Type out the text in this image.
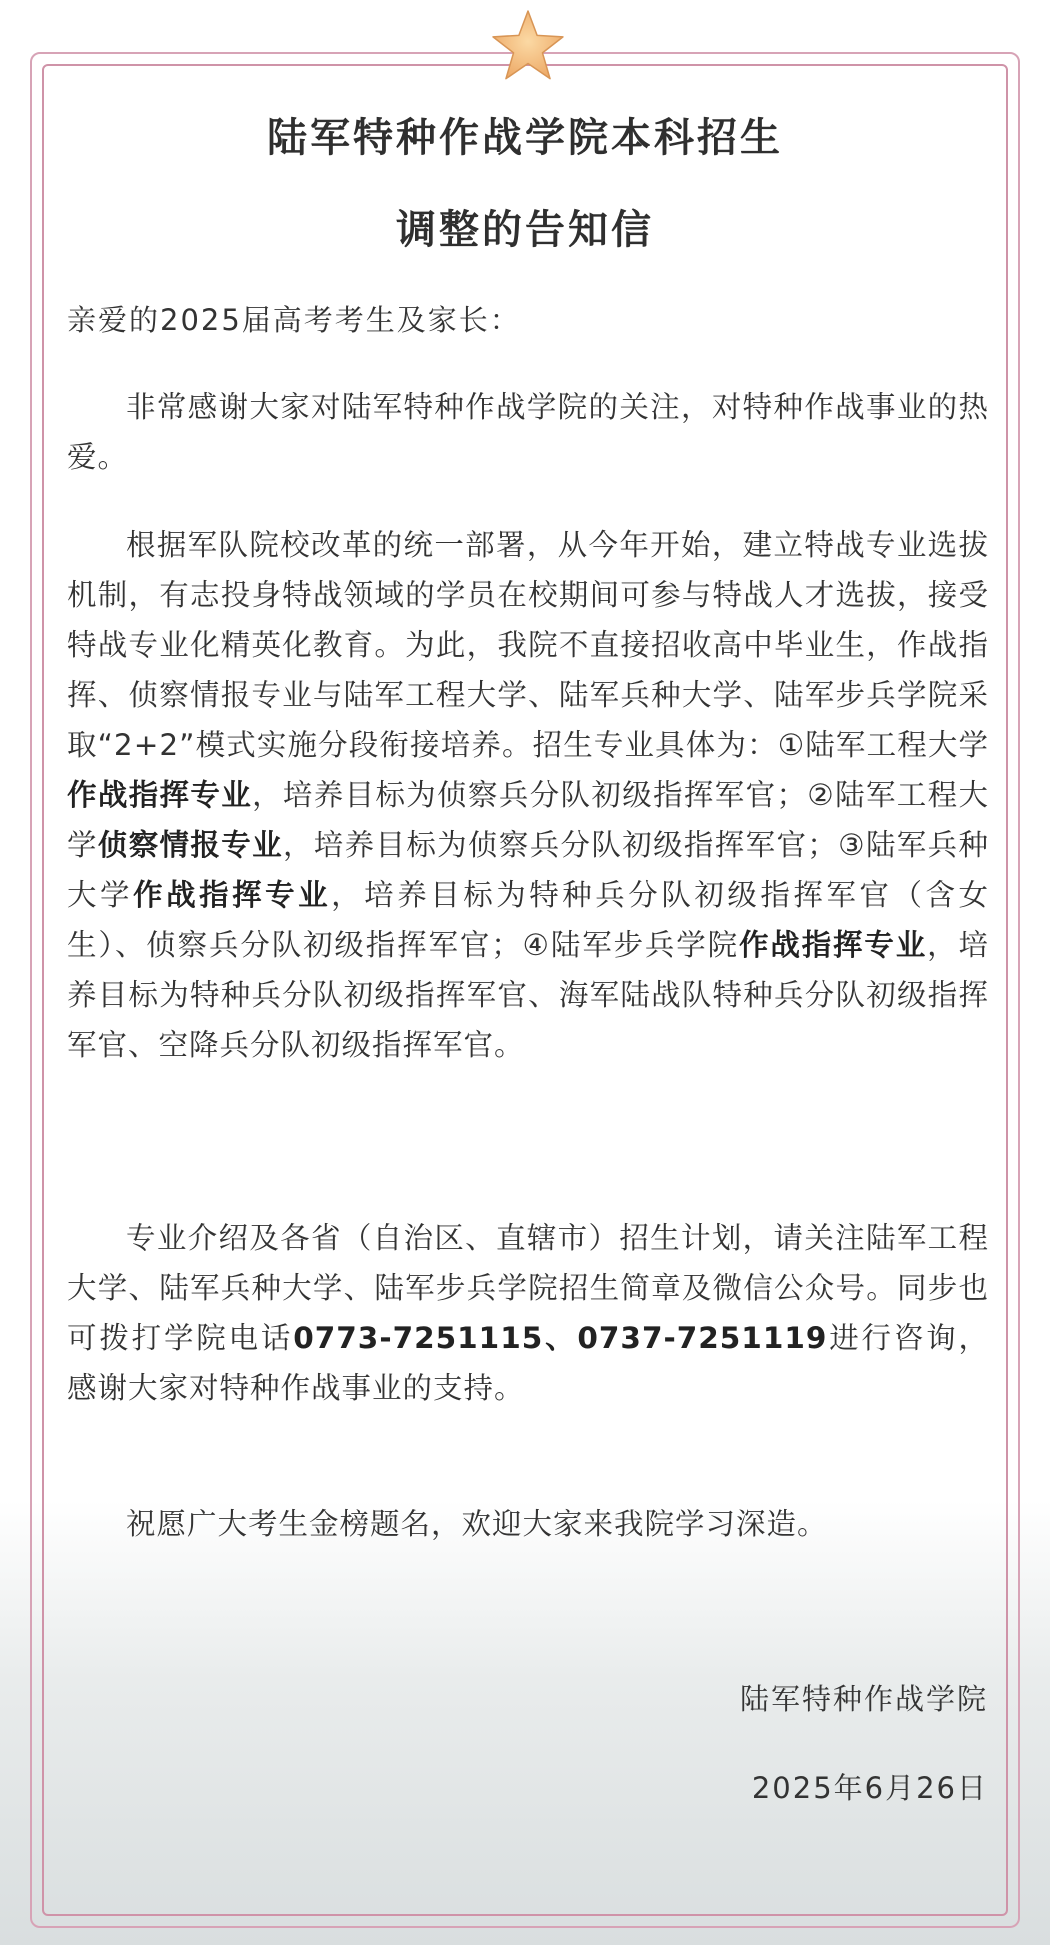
陆军特种作战学院本科招生
调整的告知信

亲爱的2025届高考考生及家长：

非常感谢大家对陆军特种作战学院的关注，对特种作战事业的热爱。

根据军队院校改革的统一部署，从今年开始，建立特战专业选拔机制，有志投身特战领域的学员在校期间可参与特战人才选拔，接受特战专业化精英化教育。为此，我院不直接招收高中毕业生，作战指挥、侦察情报专业与陆军工程大学、陆军兵种大学、陆军步兵学院采取“2+2”模式实施分段衔接培养。招生专业具体为：①陆军工程大学作战指挥专业，培养目标为侦察兵分队初级指挥军官；②陆军工程大学侦察情报专业，培养目标为侦察兵分队初级指挥军官；③陆军兵种大学作战指挥专业，培养目标为特种兵分队初级指挥军官（含女生）、侦察兵分队初级指挥军官；④陆军步兵学院作战指挥专业，培养目标为特种兵分队初级指挥军官、海军陆战队特种兵分队初级指挥军官、空降兵分队初级指挥军官。

专业介绍及各省（自治区、直辖市）招生计划，请关注陆军工程大学、陆军兵种大学、陆军步兵学院招生简章及微信公众号。同步也可拨打学院电话0773-7251115、0737-7251119进行咨询，感谢大家对特种作战事业的支持。

祝愿广大考生金榜题名，欢迎大家来我院学习深造。

陆军特种作战学院

2025年6月26日
